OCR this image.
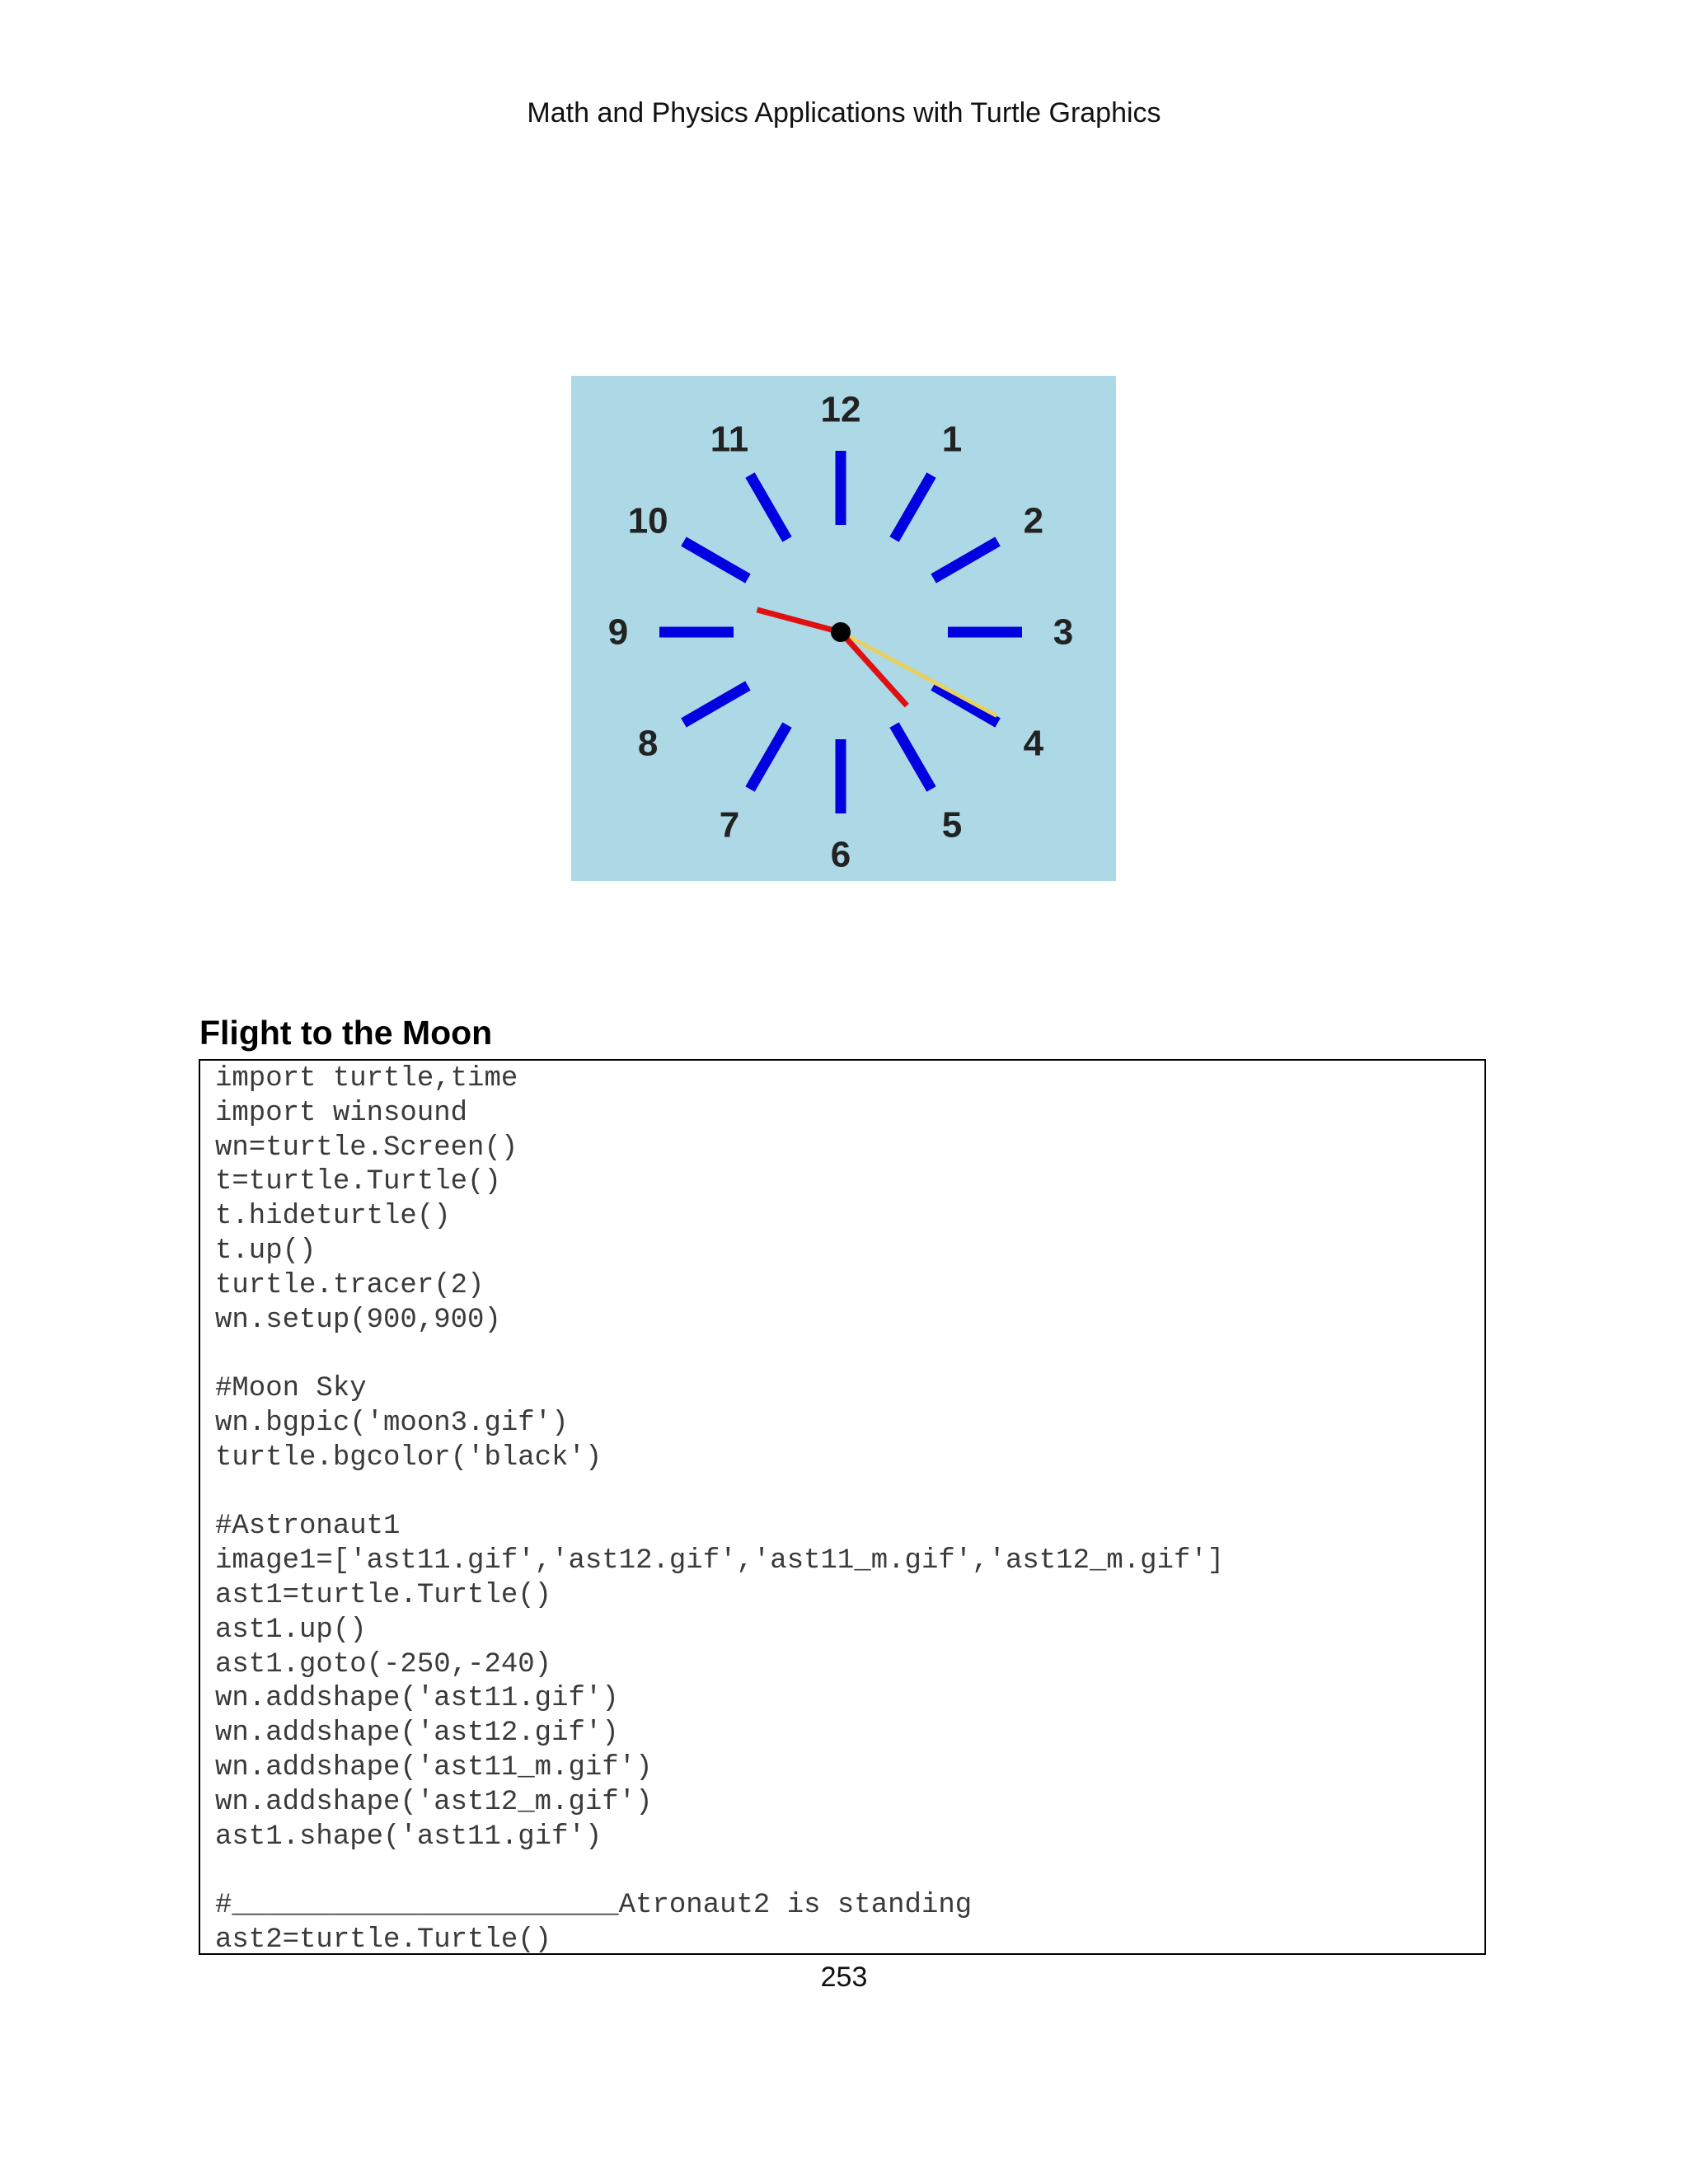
Math and Physics Applications with Turtle Graphics
12
1
2
3
4
5
6
7
8
9
10
11
Flight to the Moon
import turtle,time
import winsound
wn=turtle.Screen()
t=turtle.Turtle()
t.hideturtle()
t.up()
turtle.tracer(2)
wn.setup(900,900)
#Moon Sky
wn.bgpic('moon3.gif')
turtle.bgcolor('black')
#Astronaut1
image1=['ast11.gif','ast12.gif','ast11_m.gif','ast12_m.gif']
ast1=turtle.Turtle()
ast1.up()
ast1.goto(-250,-240)
wn.addshape('ast11.gif')
wn.addshape('ast12.gif')
wn.addshape('ast11_m.gif')
wn.addshape('ast12_m.gif')
ast1.shape('ast11.gif')
#_______________________Atronaut2 is standing
ast2=turtle.Turtle()
253
